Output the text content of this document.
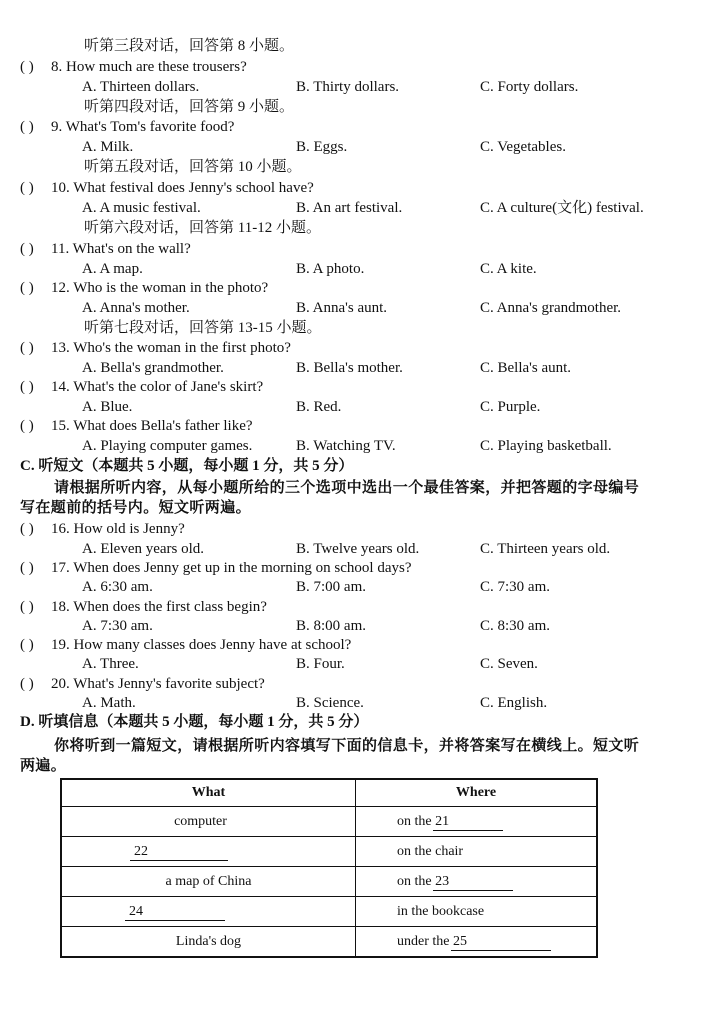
听第三段对话，回答第 8 小题。
( ) 8. How much are these trousers?
A. Thirteen dollars.	B. Thirty dollars.	C. Forty dollars.
听第四段对话，回答第 9 小题。
( ) 9. What's Tom's favorite food?
A. Milk.	B. Eggs.	C. Vegetables.
听第五段对话，回答第 10 小题。
( ) 10. What festival does Jenny's school have?
A. A music festival.	B. An art festival.	C. A culture(文化) festival.
听第六段对话，回答第 11-12 小题。
( ) 11. What's on the wall?
A. A map.	B. A photo.	C. A kite.
( ) 12. Who is the woman in the photo?
A. Anna's mother.	B. Anna's aunt.	C. Anna's grandmother.
听第七段对话，回答第 13-15 小题。
( ) 13. Who's the woman in the first photo?
A. Bella's grandmother.	B. Bella's mother.	C. Bella's aunt.
( ) 14. What's the color of Jane's skirt?
A. Blue.	B. Red.	C. Purple.
( ) 15. What does Bella's father like?
A. Playing computer games.	B. Watching TV.	C. Playing basketball.
C. 听短文（本题共 5 小题，每小题 1 分，共 5 分）
请根据所听内容，从每小题所给的三个选项中选出一个最佳答案，并把答题的字母编号
写在题前的括号内。短文听两遍。
( ) 16. How old is Jenny?
A. Eleven years old.	B. Twelve years old.	C. Thirteen years old.
( ) 17. When does Jenny get up in the morning on school days?
A. 6:30 am.	B. 7:00 am.	C. 7:30 am.
( ) 18. When does the first class begin?
A. 7:30 am.	B. 8:00 am.	C. 8:30 am.
( ) 19. How many classes does Jenny have at school?
A. Three.	B. Four.	C. Seven.
( ) 20. What's Jenny's favorite subject?
A. Math.	B. Science.	C. English.
D. 听填信息（本题共 5 小题，每小题 1 分，共 5 分）
你将听到一篇短文，请根据所听内容填写下面的信息卡，并将答案写在横线上。短文听
两遍。
What	Where
computer	on the 21
22	on the chair
a map of China	on the 23
24	in the bookcase
Linda's dog	under the 25
